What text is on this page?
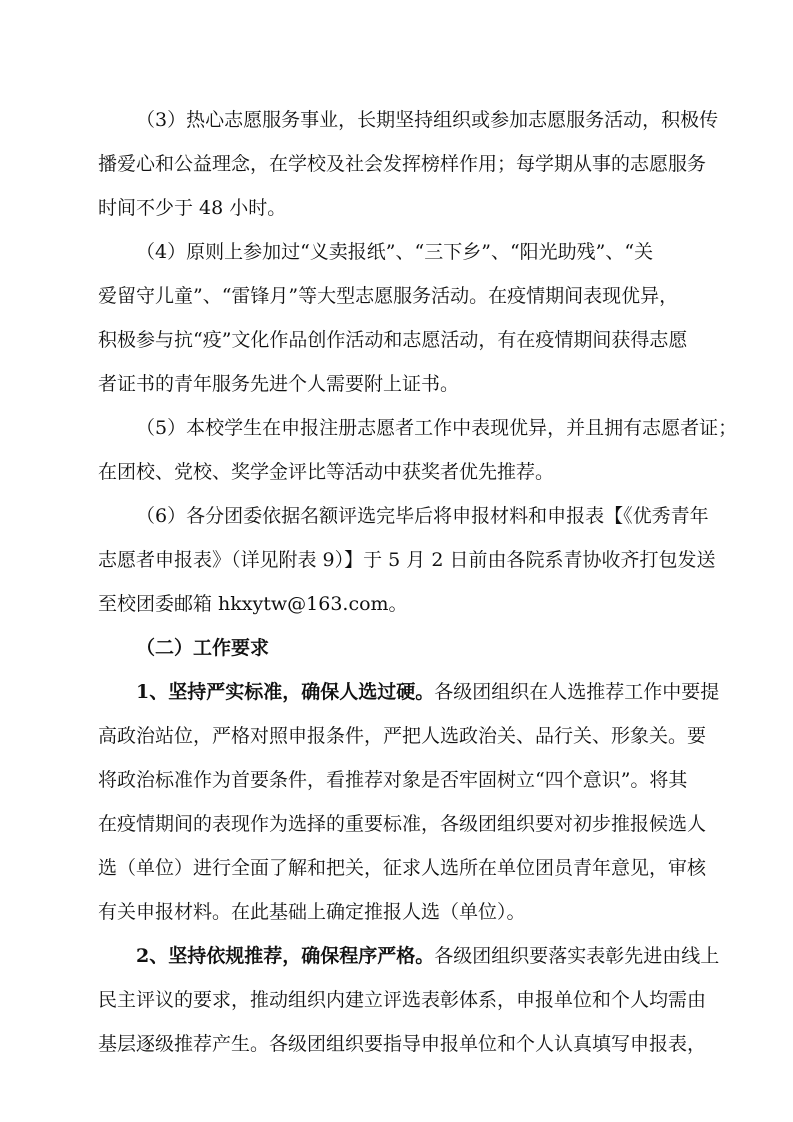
（3）热心志愿服务事业，长期坚持组织或参加志愿服务活动，积极传
播爱心和公益理念，在学校及社会发挥榜样作用；每学期从事的志愿服务
时间不少于 48 小时。
（4）原则上参加过“义卖报纸”、“三下乡”、“阳光助残”、“关
爱留守儿童”、“雷锋月”等大型志愿服务活动。在疫情期间表现优异，
积极参与抗“疫”文化作品创作活动和志愿活动，有在疫情期间获得志愿
者证书的青年服务先进个人需要附上证书。
（5）本校学生在申报注册志愿者工作中表现优异，并且拥有志愿者证；
在团校、党校、奖学金评比等活动中获奖者优先推荐。
（6）各分团委依据名额评选完毕后将申报材料和申报表【《优秀青年
志愿者申报表》（详见附表 9）】于 5 月 2 日前由各院系青协收齐打包发送
至校团委邮箱 hkxytw@163.com。
（二）工作要求
1、坚持严实标准，确保人选过硬。各级团组织在人选推荐工作中要提
高政治站位，严格对照申报条件，严把人选政治关、品行关、形象关。要
将政治标准作为首要条件，看推荐对象是否牢固树立“四个意识”。将其
在疫情期间的表现作为选择的重要标准，各级团组织要对初步推报候选人
选（单位）进行全面了解和把关，征求人选所在单位团员青年意见，审核
有关申报材料。在此基础上确定推报人选（单位）。
2、坚持依规推荐，确保程序严格。各级团组织要落实表彰先进由线上
民主评议的要求，推动组织内建立评选表彰体系，申报单位和个人均需由
基层逐级推荐产生。各级团组织要指导申报单位和个人认真填写申报表，
